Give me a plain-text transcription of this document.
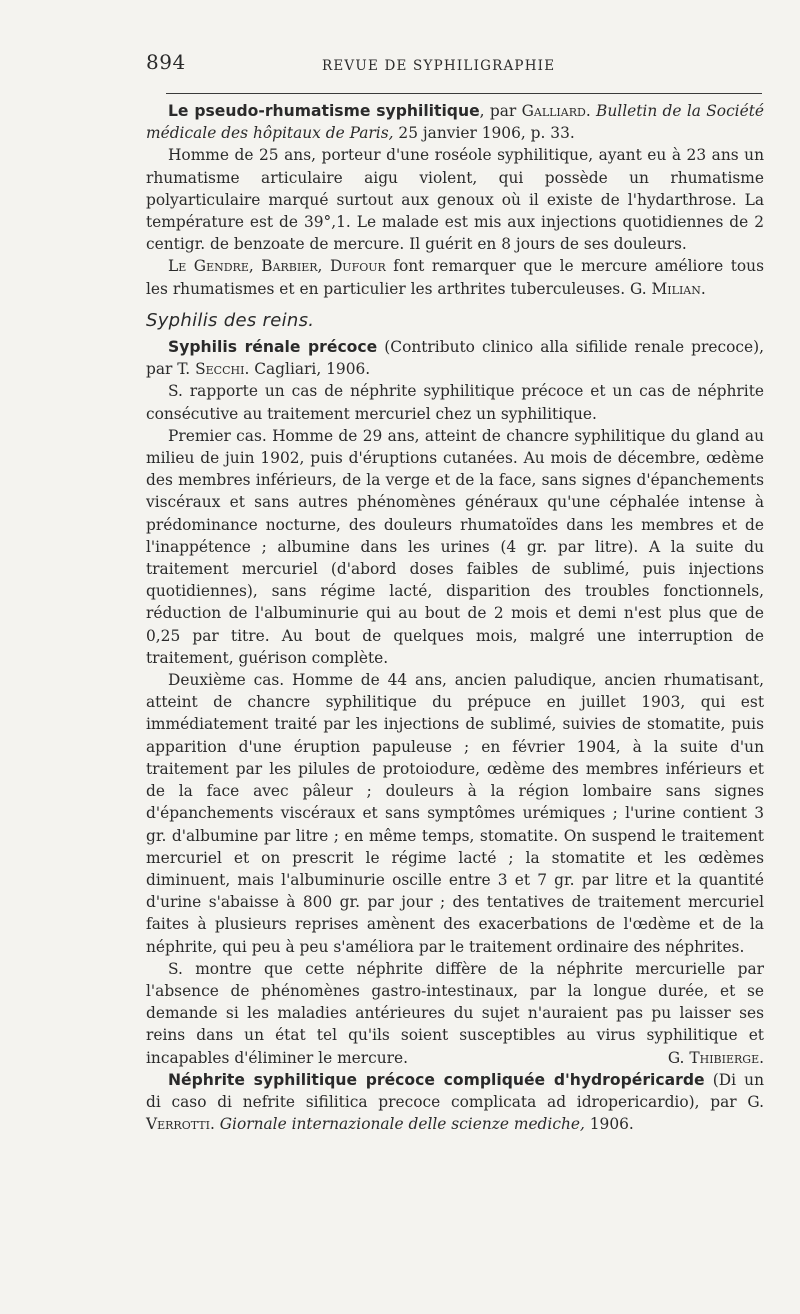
894	REVUE DE SYPHILIGRAPHIE

Le pseudo-rhumatisme syphilitique, par Galliard. Bulletin de la Société médicale des hôpitaux de Paris, 25 janvier 1906, p. 33.

Homme de 25 ans, porteur d'une roséole syphilitique, ayant eu à 23 ans un rhumatisme articulaire aigu violent, qui possède un rhumatisme polyarticulaire marqué surtout aux genoux où il existe de l'hydarthrose. La température est de 39°,1. Le malade est mis aux injections quotidiennes de 2 centigr. de benzoate de mercure. Il guérit en 8 jours de ses douleurs.

Le Gendre, Barbier, Dufour font remarquer que le mercure améliore tous les rhumatismes et en particulier les arthrites tuberculeuses. G. Milian.

Syphilis des reins.

Syphilis rénale précoce (Contributo clinico alla sifilide renale precoce), par T. Secchi. Cagliari, 1906.

S. rapporte un cas de néphrite syphilitique précoce et un cas de néphrite consécutive au traitement mercuriel chez un syphilitique.

Premier cas. Homme de 29 ans, atteint de chancre syphilitique du gland au milieu de juin 1902, puis d'éruptions cutanées. Au mois de décembre, œdème des membres inférieurs, de la verge et de la face, sans signes d'épanchements viscéraux et sans autres phénomènes généraux qu'une céphalée intense à prédominance nocturne, des douleurs rhumatoïdes dans les membres et de l'inappétence ; albumine dans les urines (4 gr. par litre). A la suite du traitement mercuriel (d'abord doses faibles de sublimé, puis injections quotidiennes), sans régime lacté, disparition des troubles fonctionnels, réduction de l'albuminurie qui au bout de 2 mois et demi n'est plus que de 0,25 par titre. Au bout de quelques mois, malgré une interruption de traitement, guérison complète.

Deuxième cas. Homme de 44 ans, ancien paludique, ancien rhumatisant, atteint de chancre syphilitique du prépuce en juillet 1903, qui est immédiatement traité par les injections de sublimé, suivies de stomatite, puis apparition d'une éruption papuleuse ; en février 1904, à la suite d'un traitement par les pilules de protoiodure, œdème des membres inférieurs et de la face avec pâleur ; douleurs à la région lombaire sans signes d'épanchements viscéraux et sans symptômes urémiques ; l'urine contient 3 gr. d'albumine par litre ; en même temps, stomatite. On suspend le traitement mercuriel et on prescrit le régime lacté ; la stomatite et les œdèmes diminuent, mais l'albuminurie oscille entre 3 et 7 gr. par litre et la quantité d'urine s'abaisse à 800 gr. par jour ; des tentatives de traitement mercuriel faites à plusieurs reprises amènent des exacerbations de l'œdème et de la néphrite, qui peu à peu s'améliora par le traitement ordinaire des néphrites.

S. montre que cette néphrite diffère de la néphrite mercurielle par l'absence de phénomènes gastro-intestinaux, par la longue durée, et se demande si les maladies antérieures du sujet n'auraient pas pu laisser ses reins dans un état tel qu'ils soient susceptibles au virus syphilitique et incapables d'éliminer le mercure.	G. Thibierge.

Néphrite syphilitique précoce compliquée d'hydropéricarde (Di un di caso di nefrite sifilitica precoce complicata ad idropericardio), par G. Verrotti. Giornale internazionale delle scienze mediche, 1906.
